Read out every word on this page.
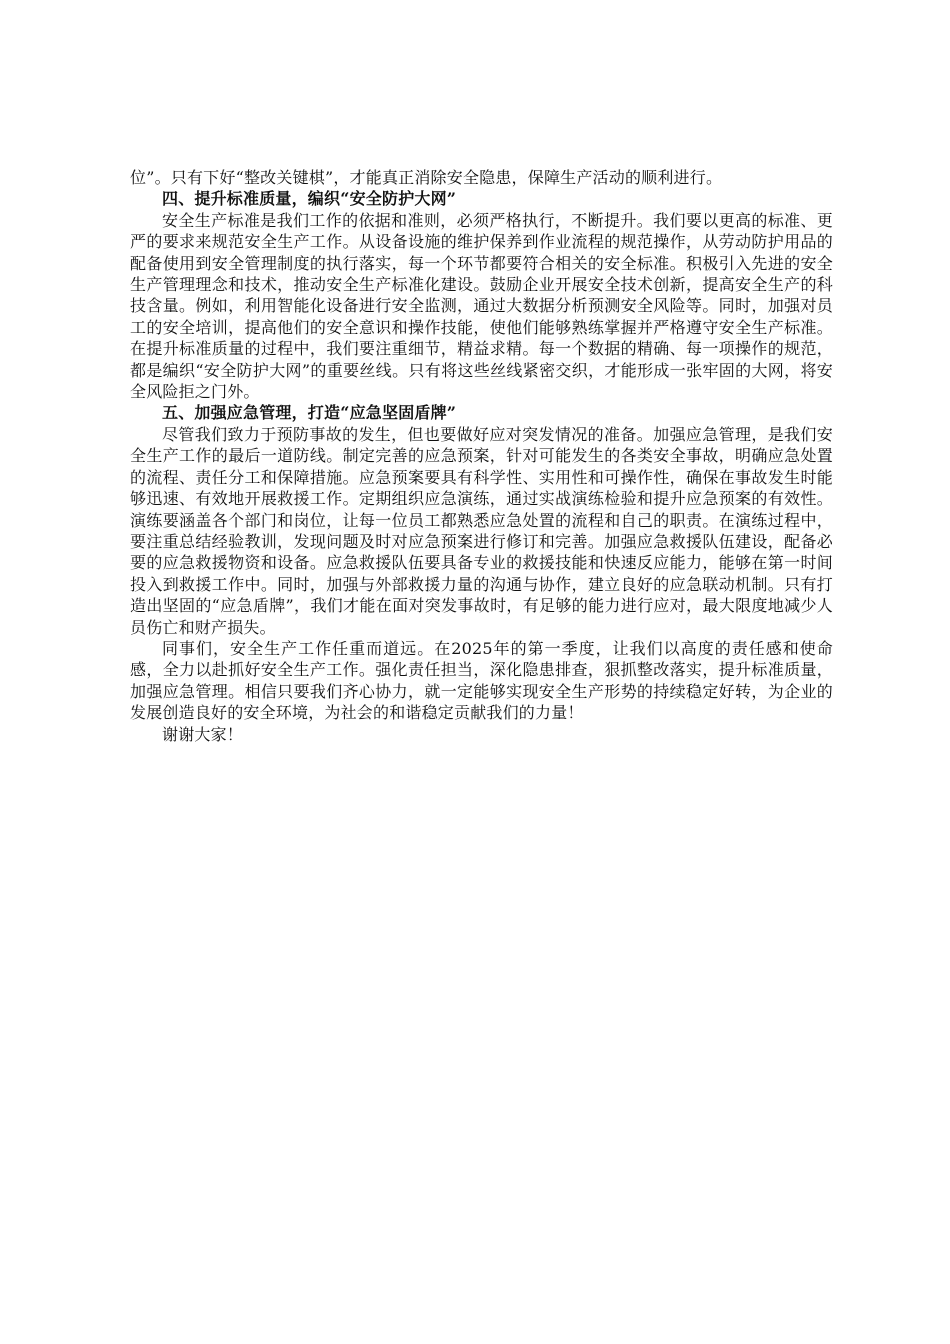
位”。只有下好“整改关键棋”，才能真正消除安全隐患，保障生产活动的顺利进行。

四、提升标准质量，编织“安全防护大网”

安全生产标准是我们工作的依据和准则，必须严格执行，不断提升。我们要以更高的标准、更严的要求来规范安全生产工作。从设备设施的维护保养到作业流程的规范操作，从劳动防护用品的配备使用到安全管理制度的执行落实，每一个环节都要符合相关的安全标准。积极引入先进的安全生产管理理念和技术，推动安全生产标准化建设。鼓励企业开展安全技术创新，提高安全生产的科技含量。例如，利用智能化设备进行安全监测，通过大数据分析预测安全风险等。同时，加强对员工的安全培训，提高他们的安全意识和操作技能，使他们能够熟练掌握并严格遵守安全生产标准。在提升标准质量的过程中，我们要注重细节，精益求精。每一个数据的精确、每一项操作的规范，都是编织“安全防护大网”的重要丝线。只有将这些丝线紧密交织，才能形成一张牢固的大网，将安全风险拒之门外。

五、加强应急管理，打造“应急坚固盾牌”

尽管我们致力于预防事故的发生，但也要做好应对突发情况的准备。加强应急管理，是我们安全生产工作的最后一道防线。制定完善的应急预案，针对可能发生的各类安全事故，明确应急处置的流程、责任分工和保障措施。应急预案要具有科学性、实用性和可操作性，确保在事故发生时能够迅速、有效地开展救援工作。定期组织应急演练，通过实战演练检验和提升应急预案的有效性。演练要涵盖各个部门和岗位，让每一位员工都熟悉应急处置的流程和自己的职责。在演练过程中，要注重总结经验教训，发现问题及时对应急预案进行修订和完善。加强应急救援队伍建设，配备必要的应急救援物资和设备。应急救援队伍要具备专业的救援技能和快速反应能力，能够在第一时间投入到救援工作中。同时，加强与外部救援力量的沟通与协作，建立良好的应急联动机制。只有打造出坚固的“应急盾牌”，我们才能在面对突发事故时，有足够的能力进行应对，最大限度地减少人员伤亡和财产损失。

同事们，安全生产工作任重而道远。在2025年的第一季度，让我们以高度的责任感和使命感，全力以赴抓好安全生产工作。强化责任担当，深化隐患排查，狠抓整改落实，提升标准质量，加强应急管理。相信只要我们齐心协力，就一定能够实现安全生产形势的持续稳定好转，为企业的发展创造良好的安全环境，为社会的和谐稳定贡献我们的力量！

谢谢大家！
